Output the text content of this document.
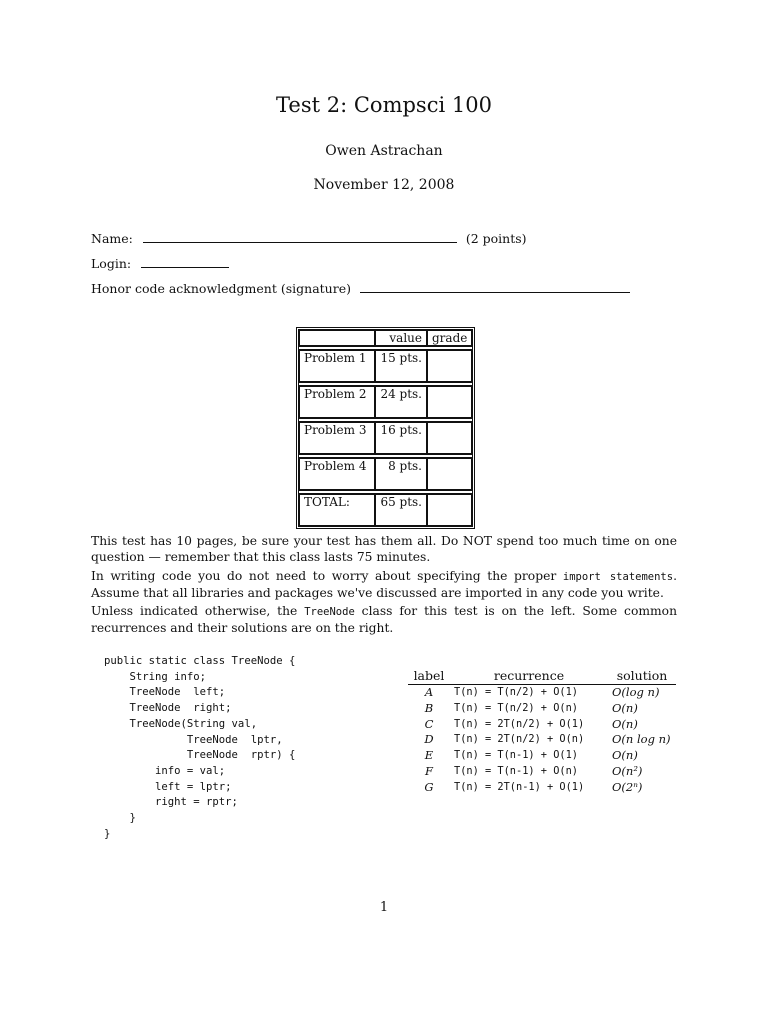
Test 2: Compsci 100
Owen Astrachan
November 12, 2008
Name:	(2 points)
Login:
Honor code acknowledgment (signature)
	value	grade

Problem 1	15 pts.	

Problem 2	24 pts.	

Problem 3	16 pts.	

Problem 4	8 pts.	

TOTAL:	65 pts.	
This test has 10 pages, be sure your test has them all. Do NOT spend too much time on one question — remember that this class lasts 75 minutes.
In writing code you do not need to worry about specifying the proper import statements. Assume that all libraries and packages we've discussed are imported in any code you write.
Unless indicated otherwise, the TreeNode class for this test is on the left. Some common recurrences and their solutions are on the right.
public static class TreeNode {
String info;
TreeNode  left;
TreeNode  right;
TreeNode(String val,
TreeNode  lptr,
TreeNode  rptr) {
info = val;
left = lptr;
right = rptr;
}
}
label	recurrence	solution
A	T(n) = T(n/2) + O(1)	O(log n)
B	T(n) = T(n/2) + O(n)	O(n)
C	T(n) = 2T(n/2) + O(1)	O(n)
D	T(n) = 2T(n/2) + O(n)	O(n log n)
E	T(n) = T(n-1) + O(1)	O(n)
F	T(n) = T(n-1) + O(n)	O(n²)
G	T(n) = 2T(n-1) + O(1)	O(2ⁿ)
1
